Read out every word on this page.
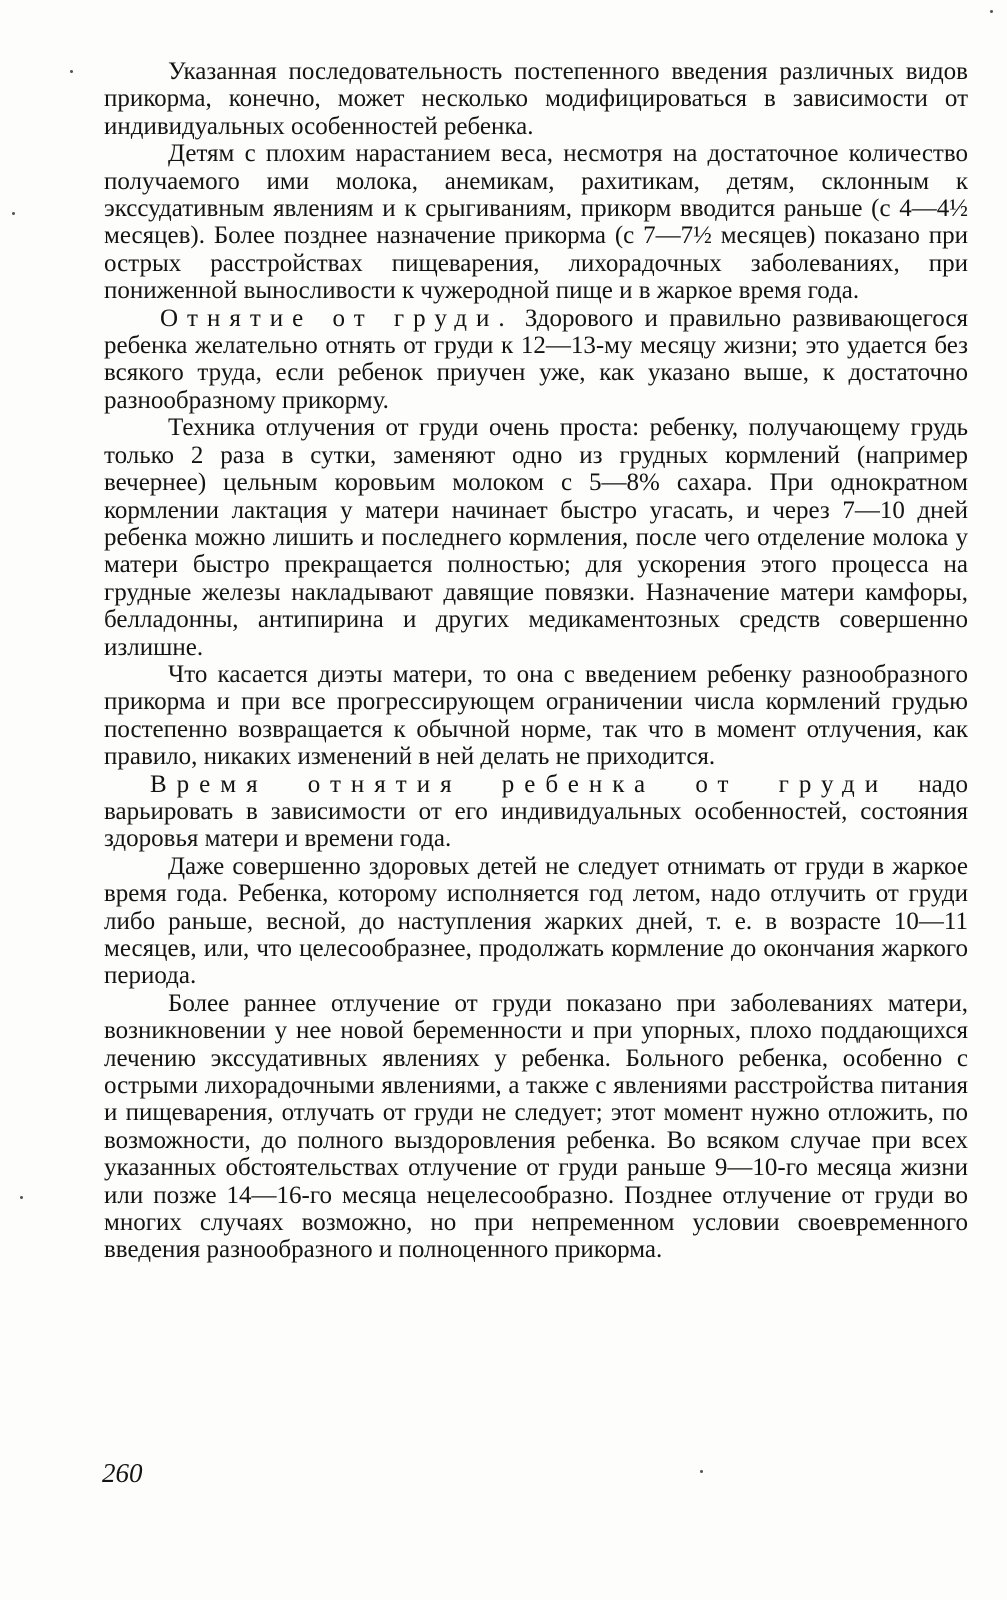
Указанная последовательность постепенного введения различных видов прикорма, конечно, может несколько модифицироваться в зависимости от индивидуальных особенностей ребенка.

Детям с плохим нарастанием веса, несмотря на достаточное количество получаемого ими молока, анемикам, рахитикам, детям, склонным к экссудативным явлениям и к срыгиваниям, прикорм вводится раньше (с 4—4½ месяцев). Более позднее назначение прикорма (с 7—7½ месяцев) показано при острых расстройствах пищеварения, лихорадочных заболеваниях, при пониженной выносливости к чужеродной пище и в жаркое время года.

Отнятие от груди. Здорового и правильно развивающегося ребенка желательно отнять от груди к 12—13-му месяцу жизни; это удается без всякого труда, если ребенок приучен уже, как указано выше, к достаточно разнообразному прикорму.

Техника отлучения от груди очень проста: ребенку, получающему грудь только 2 раза в сутки, заменяют одно из грудных кормлений (например вечернее) цельным коровьим молоком с 5—8% сахара. При однократном кормлении лактация у матери начинает быстро угасать, и через 7—10 дней ребенка можно лишить и последнего кормления, после чего отделение молока у матери быстро прекращается полностью; для ускорения этого процесса на грудные железы накладывают давящие повязки. Назначение матери камфоры, белладонны, антипирина и других медикаментозных средств совершенно излишне.

Что касается диэты матери, то она с введением ребенку разнообразного прикорма и при все прогрессирующем ограничении числа кормлений грудью постепенно возвращается к обычной норме, так что в момент отлучения, как правило, никаких изменений в ней делать не приходится.

Время отнятия ребенка от груди надо варьировать в зависимости от его индивидуальных особенностей, состояния здоровья матери и времени года.

Даже совершенно здоровых детей не следует отнимать от груди в жаркое время года. Ребенка, которому исполняется год летом, надо отлучить от груди либо раньше, весной, до наступления жарких дней, т. е. в возрасте 10—11 месяцев, или, что целесообразнее, продолжать кормление до окончания жаркого периода.

Более раннее отлучение от груди показано при заболеваниях матери, возникновении у нее новой беременности и при упорных, плохо поддающихся лечению экссудативных явлениях у ребенка. Больного ребенка, особенно с острыми лихорадочными явлениями, а также с явлениями расстройства питания и пищеварения, отлучать от груди не следует; этот момент нужно отложить, по возможности, до полного выздоровления ребенка. Во всяком случае при всех указанных обстоятельствах отлучение от груди раньше 9—10-го месяца жизни или позже 14—16-го месяца нецелесообразно. Позднее отлучение от груди во многих случаях возможно, но при непременном условии своевременного введения разнообразного и полноценного прикорма.

260
